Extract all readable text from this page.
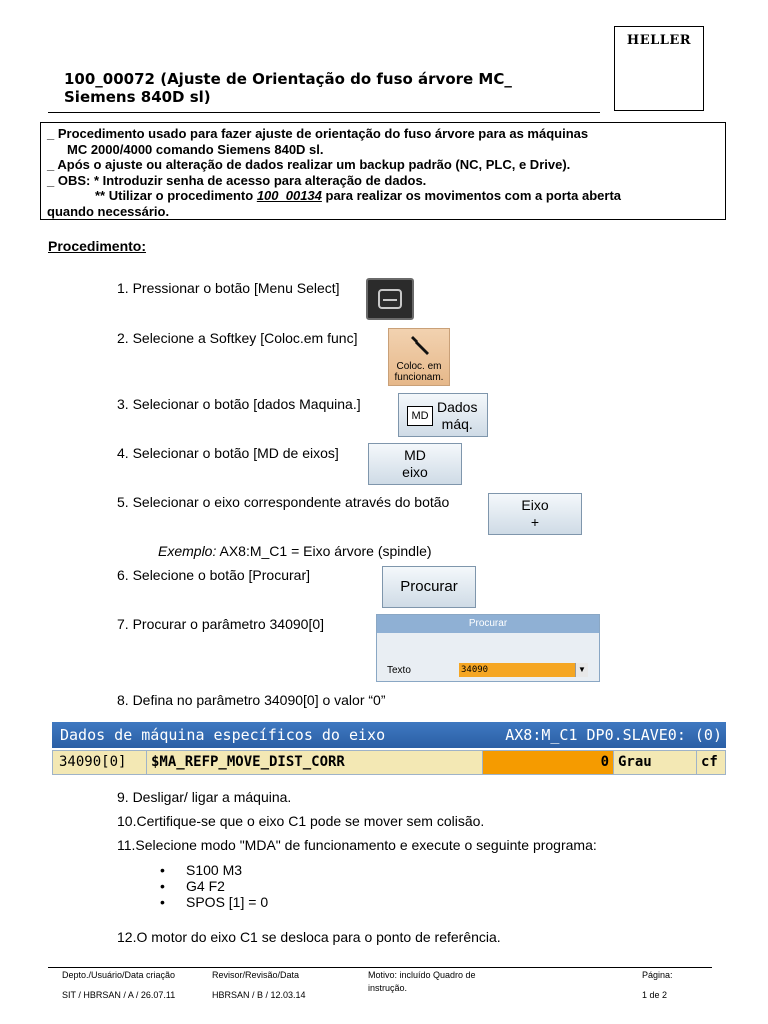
HELLER
100_00072 (Ajuste de Orientação do fuso árvore MC_
Siemens 840D sl)
_ Procedimento usado para fazer ajuste de orientação do fuso árvore para as máquinas
MC 2000/4000 comando Siemens 840D sl.
_ Após o ajuste ou alteração de dados realizar um backup padrão (NC, PLC, e Drive).
_ OBS: * Introduzir senha de acesso para alteração de dados.
** Utilizar o procedimento 100_00134 para realizar os movimentos com a porta aberta
quando necessário.
Procedimento:
1. Pressionar o botão [Menu Select]
2. Selecione a Softkey [Coloc.em func]
Coloc. em
funcionam.
3. Selecionar o botão [dados Maquina.]
MD
Dados
máq.
4. Selecionar o botão [MD de eixos]	MD
eixo
5. Selecionar o eixo correspondente através do botão	Eixo
+
Exemplo: AX8:M_C1 = Eixo árvore (spindle)
6. Selecione o botão [Procurar]
Procurar
7. Procurar o parâmetro 34090[0]	Procurar
Texto	34090	▼
8. Defina no parâmetro 34090[0] o valor “0”
Dados de máquina específicos do eixo	AX8:M_C1 DP0.SLAVE0: (0)
34090[0]	$MA_REFP_MOVE_DIST_CORR	0 Grau	cf
9. Desligar/ ligar a máquina.
10.Certifique-se que o eixo C1 pode se mover sem colisão.
11.Selecione modo "MDA" de funcionamento e execute o seguinte programa:
• S100 M3
• G4 F2
• SPOS [1] = 0
12.O motor do eixo C1 se desloca para o ponto de referência.
Depto./Usuário/Data criação
SIT / HBRSAN / A / 26.07.11
Revisor/Revisão/Data
HBRSAN / B / 12.03.14
Motivo: incluído Quadro de
instrução.
Página:
1 de 2
